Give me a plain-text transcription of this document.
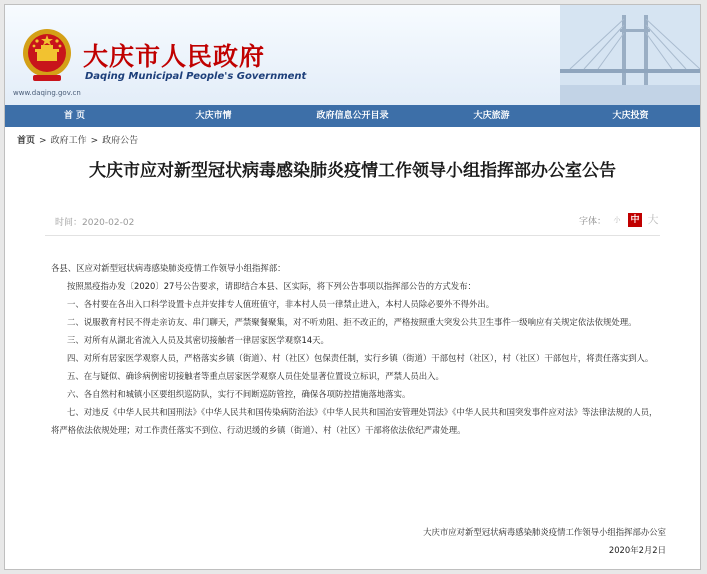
大庆市人民政府
Daqing Municipal People's Government
www.daqing.gov.cn
首 页	大庆市情	政府信息公开目录	大庆旅游	大庆投资
首页 > 政府工作 > 政府公告
大庆市应对新型冠状病毒感染肺炎疫情工作领导小组指挥部办公室公告
时间：2020-02-02	字体：	小	中 大

各县、区应对新型冠状病毒感染肺炎疫情工作领导小组指挥部：

按照黑疫指办发〔2020〕27号公告要求，请即结合本县、区实际，将下列公告事项以指挥部公告的方式发布：

一、各村要在各出入口科学设置卡点并安排专人值班值守，非本村人员一律禁止进入，本村人员除必要外不得外出。

二、说服教育村民不得走亲访友、串门聊天，严禁聚餐聚集，对不听劝阻、拒不改正的，严格按照重大突发公共卫生事件一级响应有关规定依法依规处理。

三、对所有从湖北省流入人员及其密切接触者一律居家医学观察14天。

四、对所有居家医学观察人员，严格落实乡镇（街道）、村（社区）包保责任制，实行乡镇（街道）干部包村（社区），村（社区）干部包片，将责任落实到人。

五、在与疑似、确诊病例密切接触者等重点居家医学观察人员住处显著位置设立标识，严禁人员出入。

六、各自然村和城镇小区要组织巡防队，实行不间断巡防管控，确保各项防控措施落地落实。

七、对违反《中华人民共和国刑法》《中华人民共和国传染病防治法》《中华人民共和国治安管理处罚法》《中华人民共和国突发事件应对法》等法律法规的人员，将严格依法依规处理；对工作责任落实不到位、行动迟缓的乡镇（街道）、村（社区）干部将依法依纪严肃处理。

大庆市应对新型冠状病毒感染肺炎疫情工作领导小组指挥部办公室
2020年2月2日
